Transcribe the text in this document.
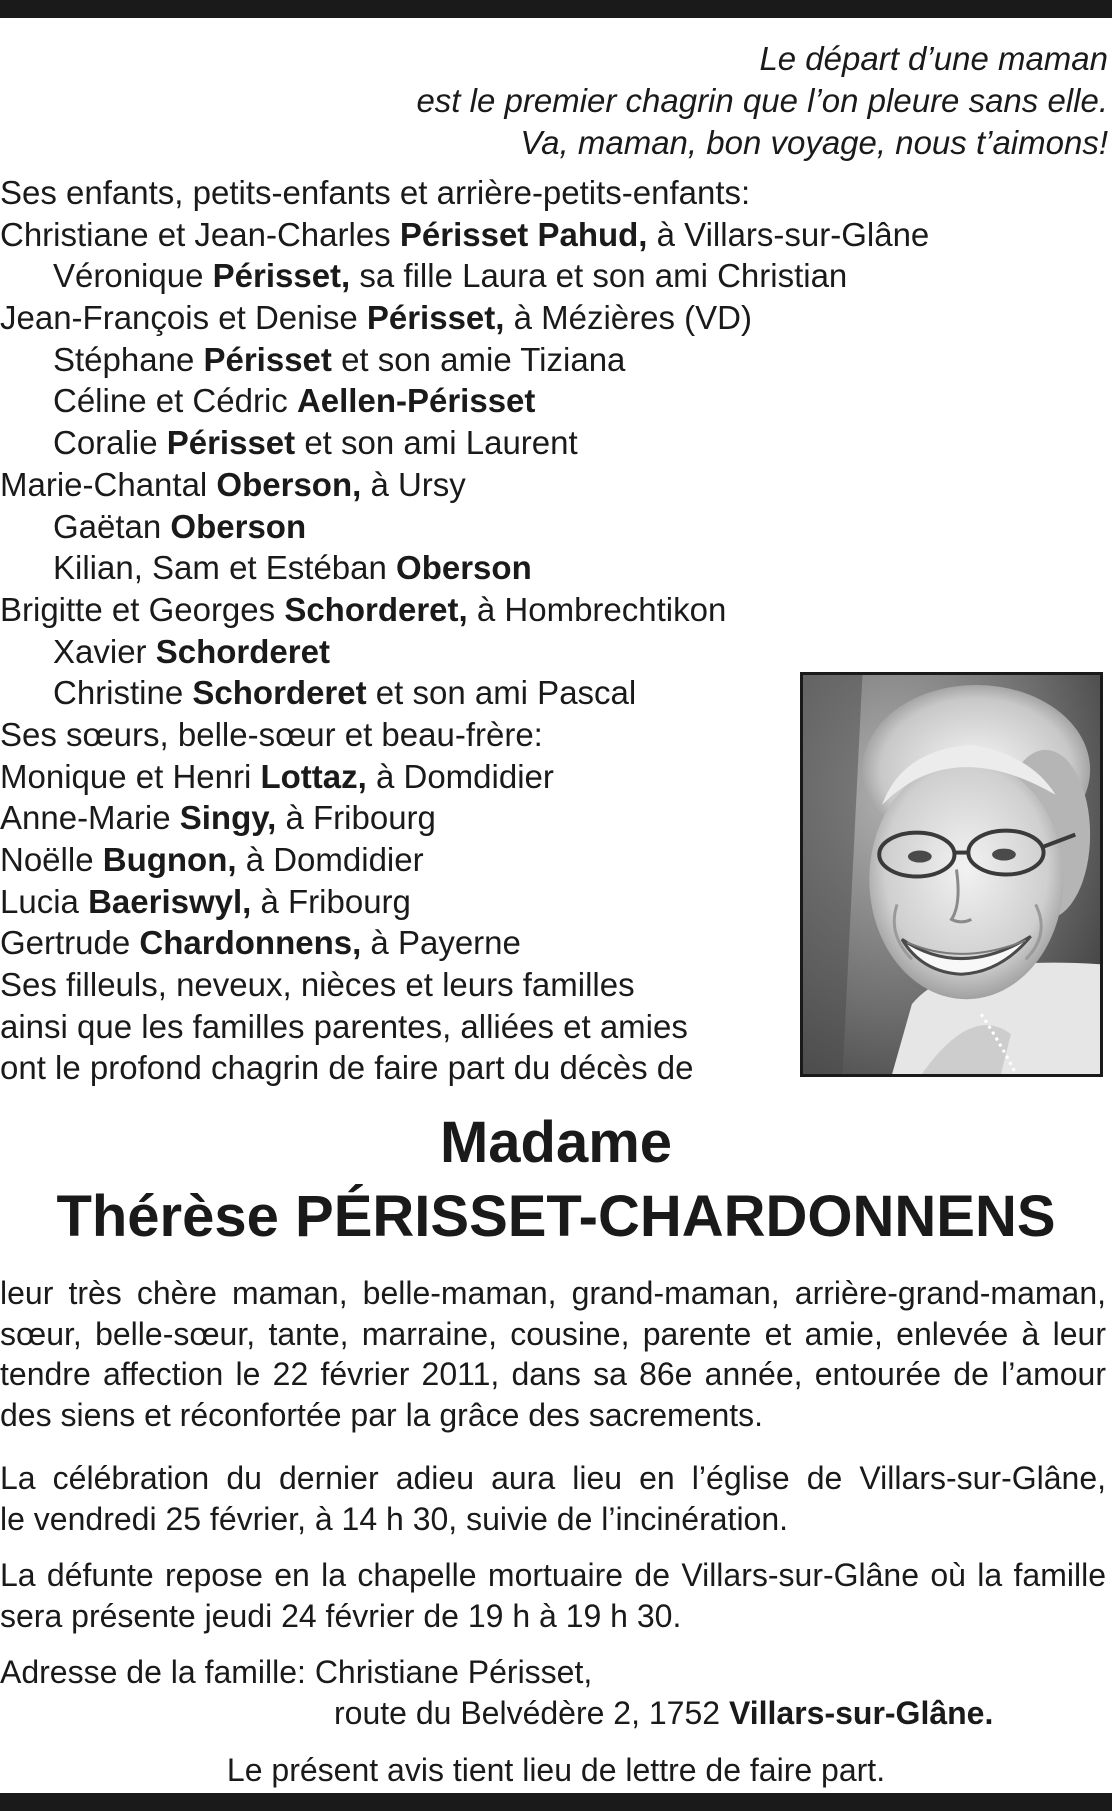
Le départ d’une maman
est le premier chagrin que l’on pleure sans elle.
Va, maman, bon voyage, nous t’aimons!
Ses enfants, petits-enfants et arrière-petits-enfants:
Christiane et Jean-Charles Périsset Pahud, à Villars-sur-Glâne
Véronique Périsset, sa fille Laura et son ami Christian
Jean-François et Denise Périsset, à Mézières (VD)
Stéphane Périsset et son amie Tiziana
Céline et Cédric Aellen-Périsset
Coralie Périsset et son ami Laurent
Marie-Chantal Oberson, à Ursy
Gaëtan Oberson
Kilian, Sam et Estéban Oberson
Brigitte et Georges Schorderet, à Hombrechtikon
Xavier Schorderet
Christine Schorderet et son ami Pascal
Ses sœurs, belle-sœur et beau-frère:
Monique et Henri Lottaz, à Domdidier
Anne-Marie Singy, à Fribourg
Noëlle Bugnon, à Domdidier
Lucia Baeriswyl, à Fribourg
Gertrude Chardonnens, à Payerne
Ses filleuls, neveux, nièces et leurs familles
ainsi que les familles parentes, alliées et amies
ont le profond chagrin de faire part du décès de
Madame
Thérèse PÉRISSET-CHARDONNENS
leur très chère maman, belle-maman, grand-maman, arrière-grand-maman,
sœur, belle-sœur, tante, marraine, cousine, parente et amie, enlevée à leur
tendre affection le 22 février 2011, dans sa 86e année, entourée de l’amour
des siens et réconfortée par la grâce des sacrements.
La célébration du dernier adieu aura lieu en l’église de Villars-sur-Glâne,
le vendredi 25 février, à 14 h 30, suivie de l’incinération.
La défunte repose en la chapelle mortuaire de Villars-sur-Glâne où la famille
sera présente jeudi 24 février de 19 h à 19 h 30.
Adresse de la famille: Christiane Périsset,
route du Belvédère 2, 1752 Villars-sur-Glâne.
Le présent avis tient lieu de lettre de faire part.
